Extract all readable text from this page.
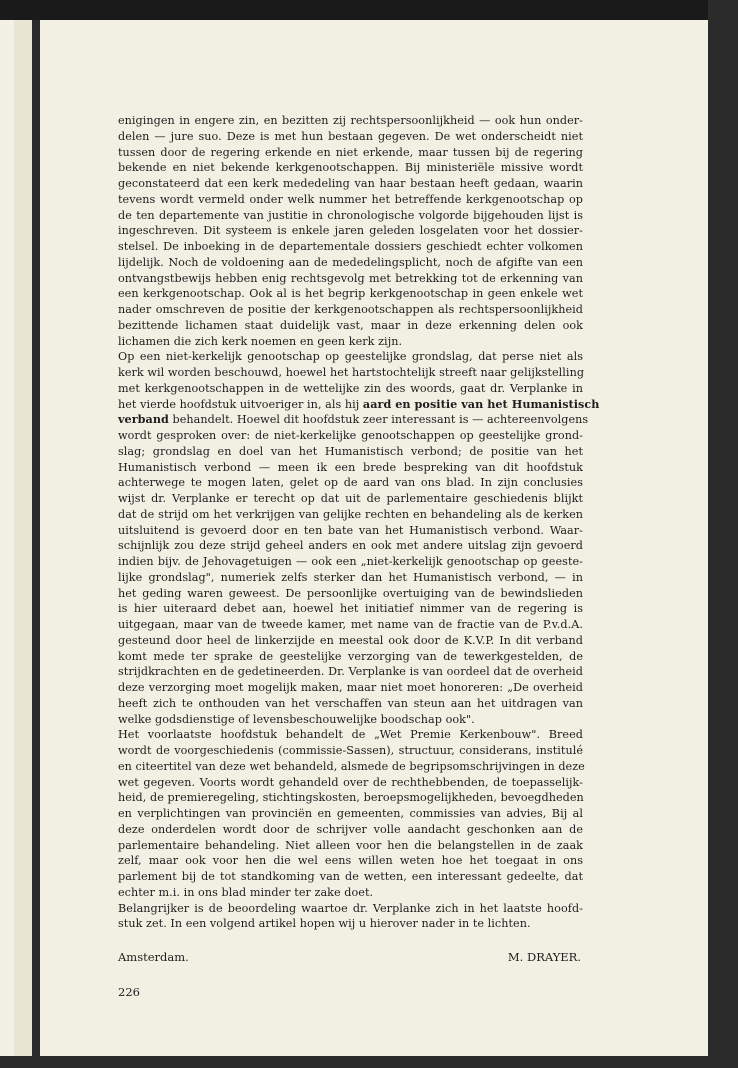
enigingen in engere zin, en bezitten zij rechtspersoonlijkheid — ook hun onder-
delen — jure suo. Deze is met hun bestaan gegeven. De wet onderscheidt niet
tussen door de regering erkende en niet erkende, maar tussen bij de regering
bekende en niet bekende kerkgenootschappen. Bij ministeriële missive wordt
geconstateerd dat een kerk mededeling van haar bestaan heeft gedaan, waarin
tevens wordt vermeld onder welk nummer het betreffende kerkgenootschap op
de ten departemente van justitie in chronologische volgorde bijgehouden lijst is
ingeschreven. Dit systeem is enkele jaren geleden losgelaten voor het dossier-
stelsel. De inboeking in de departementale dossiers geschiedt echter volkomen
lijdelijk. Noch de voldoening aan de mededelingsplicht, noch de afgifte van een
ontvangstbewijs hebben enig rechtsgevolg met betrekking tot de erkenning van
een kerkgenootschap. Ook al is het begrip kerkgenootschap in geen enkele wet
nader omschreven de positie der kerkgenootschappen als rechtspersoonlijkheid
bezittende lichamen staat duidelijk vast, maar in deze erkenning delen ook
lichamen die zich kerk noemen en geen kerk zijn.
Op een niet-kerkelijk genootschap op geestelijke grondslag, dat perse niet als
kerk wil worden beschouwd, hoewel het hartstochtelijk streeft naar gelijkstelling
met kerkgenootschappen in de wettelijke zin des woords, gaat dr. Verplanke in
het vierde hoofdstuk uitvoeriger in, als hij aard en positie van het Humanistisch
verband behandelt. Hoewel dit hoofdstuk zeer interessant is — achtereenvolgens
wordt gesproken over: de niet-kerkelijke genootschappen op geestelijke grond-
slag; grondslag en doel van het Humanistisch verbond; de positie van het
Humanistisch verbond — meen ik een brede bespreking van dit hoofdstuk
achterwege te mogen laten, gelet op de aard van ons blad. In zijn conclusies
wijst dr. Verplanke er terecht op dat uit de parlementaire geschiedenis blijkt
dat de strijd om het verkrijgen van gelijke rechten en behandeling als de kerken
uitsluitend is gevoerd door en ten bate van het Humanistisch verbond. Waar-
schijnlijk zou deze strijd geheel anders en ook met andere uitslag zijn gevoerd
indien bijv. de Jehovagetuigen — ook een „niet-kerkelijk genootschap op geeste-
lijke grondslag", numeriek zelfs sterker dan het Humanistisch verbond, — in
het geding waren geweest. De persoonlijke overtuiging van de bewindslieden
is hier uiteraard debet aan, hoewel het initiatief nimmer van de regering is
uitgegaan, maar van de tweede kamer, met name van de fractie van de P.v.d.A.
gesteund door heel de linkerzijde en meestal ook door de K.V.P. In dit verband
komt mede ter sprake de geestelijke verzorging van de tewerkgestelden, de
strijdkrachten en de gedetineerden. Dr. Verplanke is van oordeel dat de overheid
deze verzorging moet mogelijk maken, maar niet moet honoreren: „De overheid
heeft zich te onthouden van het verschaffen van steun aan het uitdragen van
welke godsdienstige of levensbeschouwelijke boodschap ook".
Het voorlaatste hoofdstuk behandelt de „Wet Premie Kerkenbouw". Breed
wordt de voorgeschiedenis (commissie-Sassen), structuur, considerans, institulé
en citeertitel van deze wet behandeld, alsmede de begripsomschrijvingen in deze
wet gegeven. Voorts wordt gehandeld over de rechthebbenden, de toepasselijk-
heid, de premieregeling, stichtingskosten, beroepsmogelijkheden, bevoegdheden
en verplichtingen van provinciën en gemeenten, commissies van advies, Bij al
deze onderdelen wordt door de schrijver volle aandacht geschonken aan de
parlementaire behandeling. Niet alleen voor hen die belangstellen in de zaak
zelf, maar ook voor hen die wel eens willen weten hoe het toegaat in ons
parlement bij de tot standkoming van de wetten, een interessant gedeelte, dat
echter m.i. in ons blad minder ter zake doet.
Belangrijker is de beoordeling waartoe dr. Verplanke zich in het laatste hoofd-
stuk zet. In een volgend artikel hopen wij u hierover nader in te lichten.
Amsterdam.	M. DRAYER.
226
